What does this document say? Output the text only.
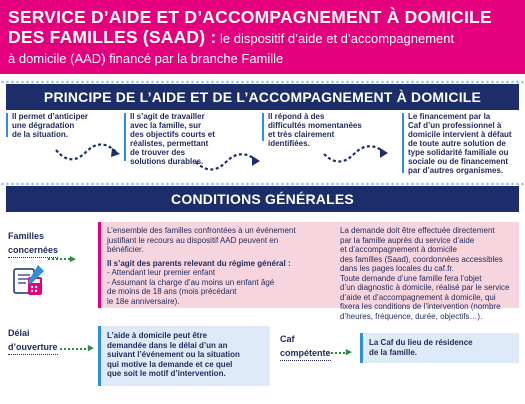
SERVICE D’AIDE ET D’ACCOMPAGNEMENT À DOMICILE
DES FAMILLES (SAAD) : le dispositif d’aide et d’accompagnement
à domicile (AAD) financé par la branche Famille
PRINCIPE DE L’AIDE ET DE L’ACCOMPAGNEMENT À DOMICILE
Il permet d’anticiper
une dégradation
de la situation.
Il s’agit de travailler
avec la famille, sur
des objectifs courts et
réalistes, permettant
de trouver des
solutions durables.
Il répond à des
difficultés momentanées
et très clairement
identifiées.
Le financement par la
Caf d’un professionnel à
domicile intervient à défaut
de toute autre solution de
type solidarité familiale ou
sociale ou de financement
par d’autres organismes.
CONDITIONS GÉNÉRALES
Familles
concernées
▸
L’ensemble des familles confrontées à un événement
justifiant le recours au dispositif AAD peuvent en
bénéficier.
Il s’agit des parents relevant du régime général :
- Attendant leur premier enfant
- Assumant la charge d’au moins un enfant âgé
de moins de 18 ans (mois précédant
le 18e anniversaire).
La demande doit être effectuée directement
par la famille auprès du service d’aide
et d’accompagnement à domicile
des familles (Saad), coordonnées accessibles
dans les pages locales du caf.fr.
Toute demande d’une famille fera l’objet
d’un diagnostic à domicile, réalisé par le service
d’aide et d’accompagnement à domicile, qui
fixera les conditions de l’intervention (nombre
d’heures, fréquence, durée, objectifs…).
Délai
d’ouverture	▸
L’aide à domicile peut être
demandée dans le délai d’un an
suivant l’événement ou la situation
qui motive la demande et ce quel
que soit le motif d’intervention.
Caf
compétente ▸
La Caf du lieu de résidence
de la famille.
